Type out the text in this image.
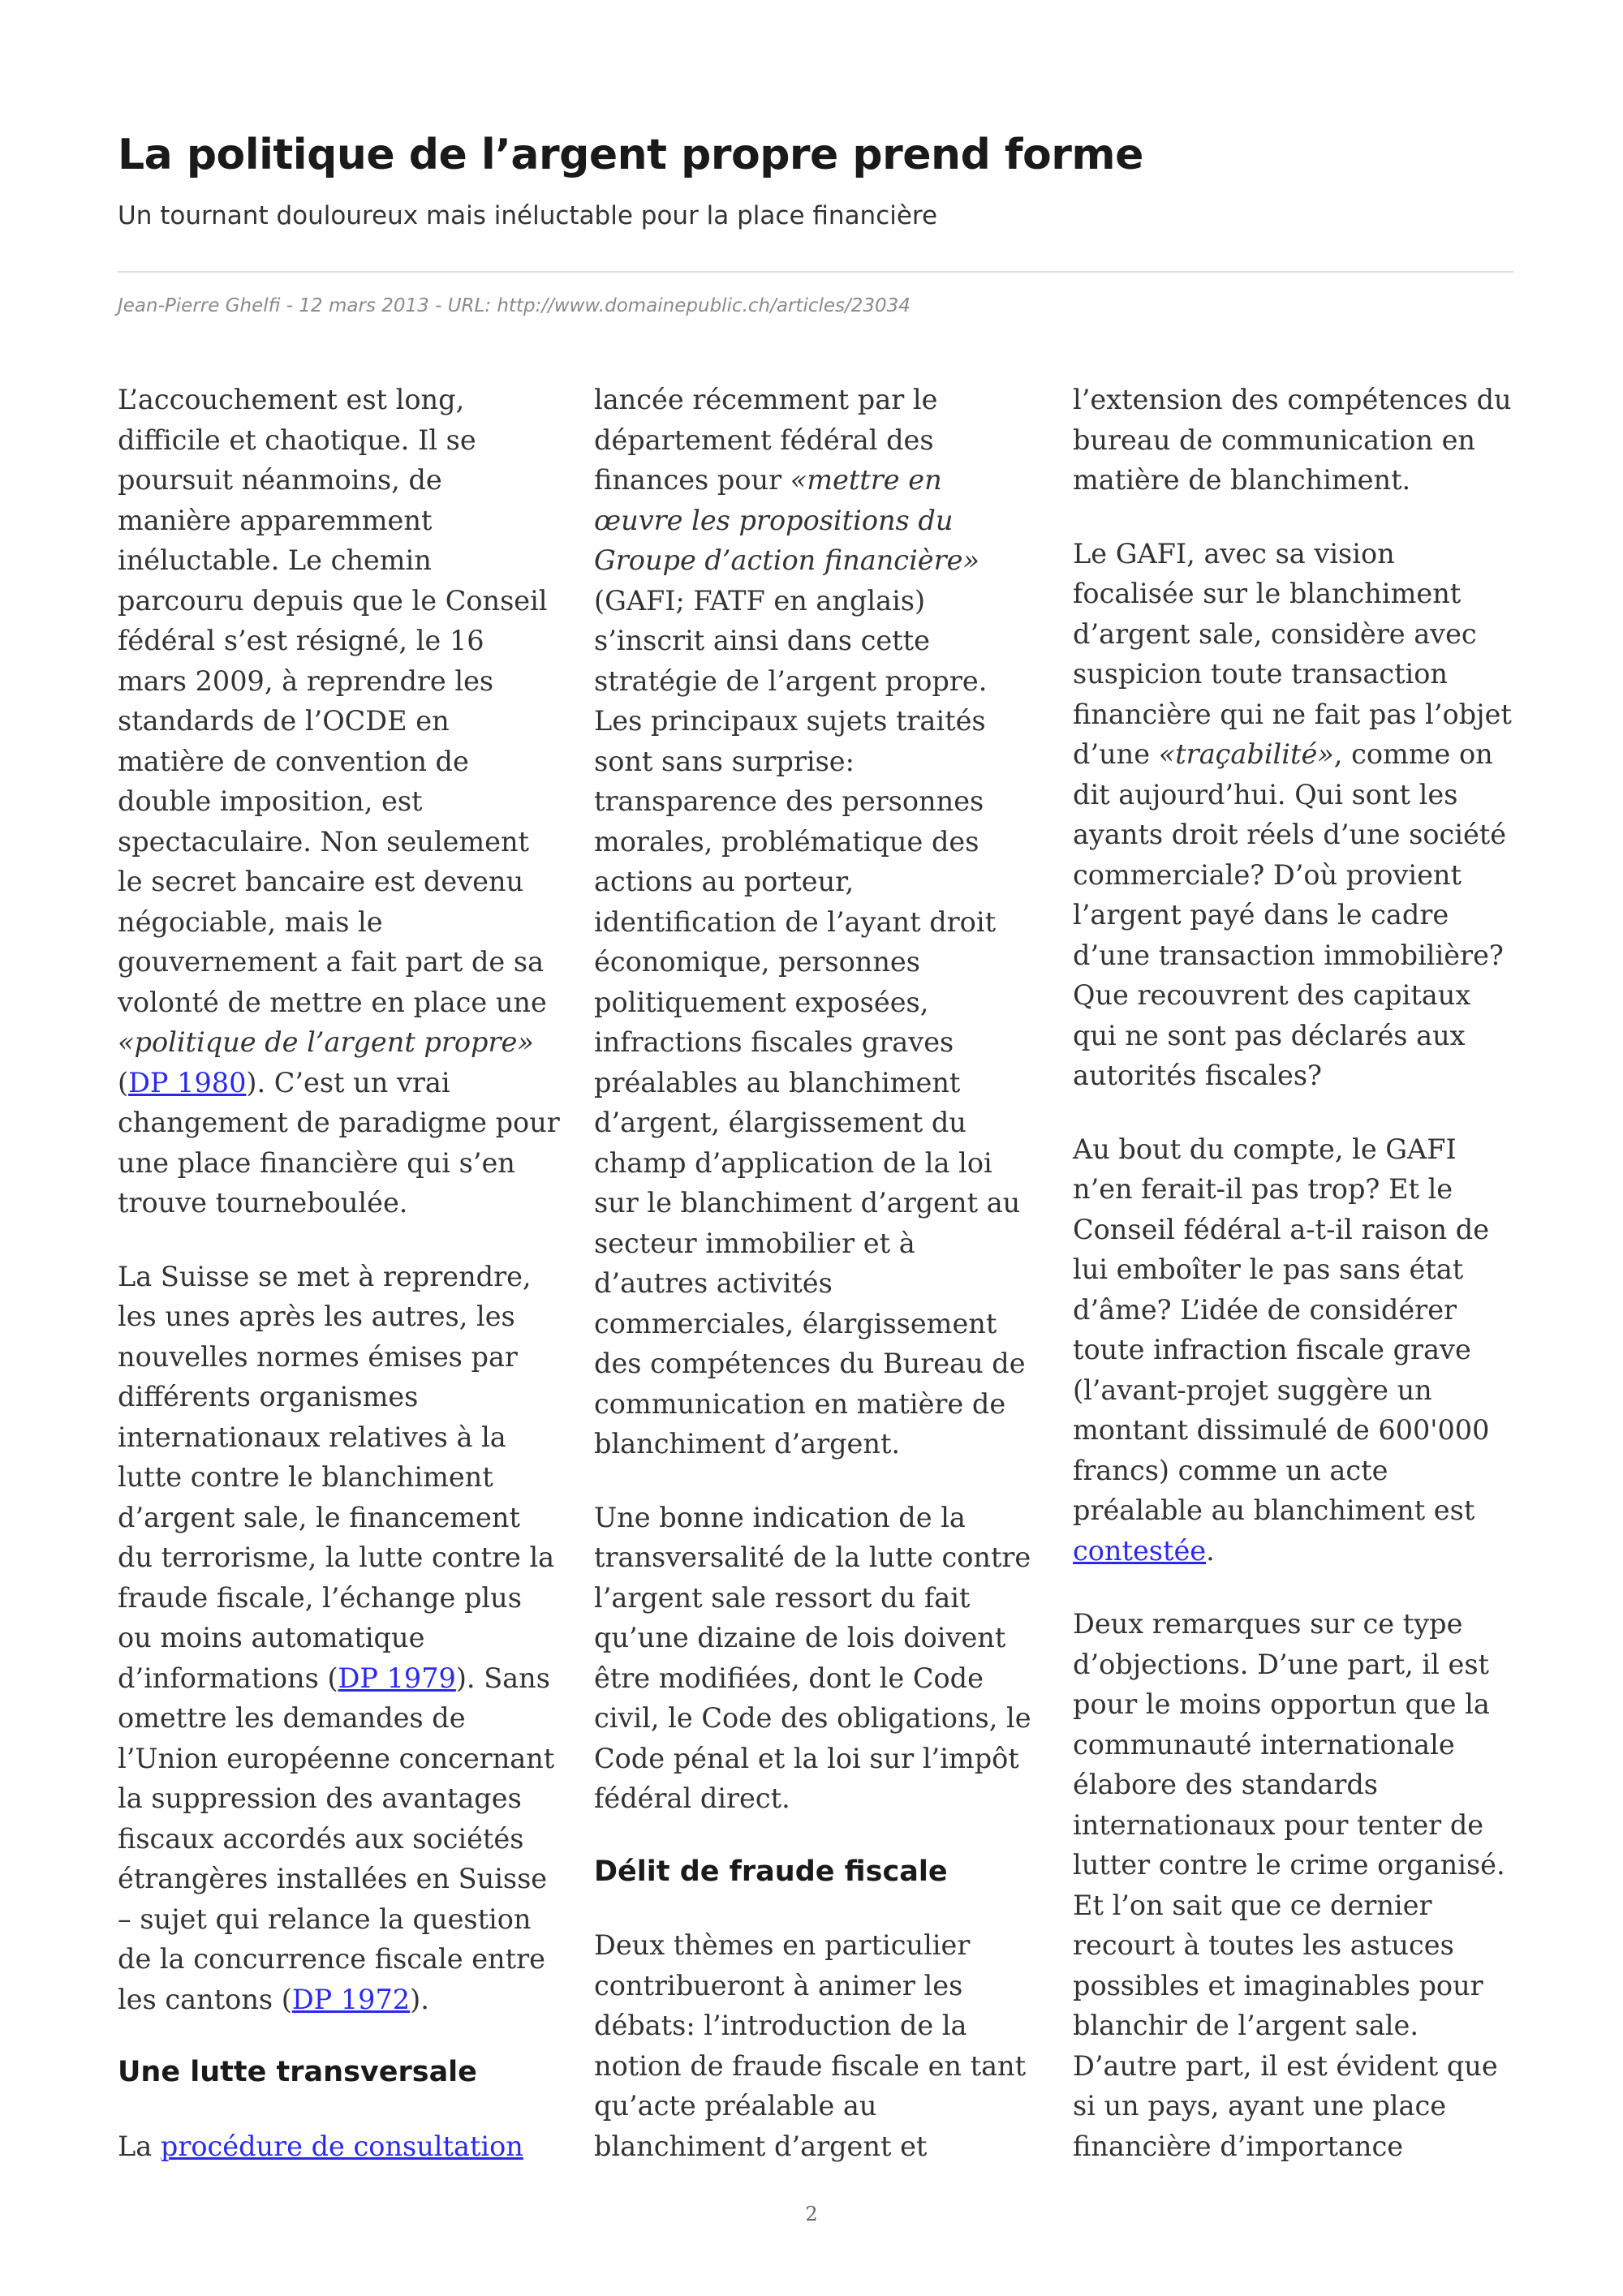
La politique de l’argent propre prend forme

Un tournant douloureux mais inéluctable pour la place financière

Jean-Pierre Ghelfi - 12 mars 2013 - URL: http://www.domainepublic.ch/articles/23034

L’accouchement est long, difficile et chaotique. Il se poursuit néanmoins, de manière apparemment inéluctable. Le chemin parcouru depuis que le Conseil fédéral s’est résigné, le 16 mars 2009, à reprendre les standards de l’OCDE en matière de convention de double imposition, est spectaculaire. Non seulement le secret bancaire est devenu négociable, mais le gouvernement a fait part de sa volonté de mettre en place une «politique de l’argent propre» (DP 1980). C’est un vrai changement de paradigme pour une place financière qui s’en trouve tourneboulée.

La Suisse se met à reprendre, les unes après les autres, les nouvelles normes émises par différents organismes internationaux relatives à la lutte contre le blanchiment d’argent sale, le financement du terrorisme, la lutte contre la fraude fiscale, l’échange plus ou moins automatique d’informations (DP 1979). Sans omettre les demandes de l’Union européenne concernant la suppression des avantages fiscaux accordés aux sociétés étrangères installées en Suisse – sujet qui relance la question de la concurrence fiscale entre les cantons (DP 1972).

Une lutte transversale

La procédure de consultation

lancée récemment par le département fédéral des finances pour «mettre en œuvre les propositions du Groupe d’action financière» (GAFI; FATF en anglais) s’inscrit ainsi dans cette stratégie de l’argent propre. Les principaux sujets traités sont sans surprise: transparence des personnes morales, problématique des actions au porteur, identification de l’ayant droit économique, personnes politiquement exposées, infractions fiscales graves préalables au blanchiment d’argent, élargissement du champ d’application de la loi sur le blanchiment d’argent au secteur immobilier et à d’autres activités commerciales, élargissement des compétences du Bureau de communication en matière de blanchiment d’argent.

Une bonne indication de la transversalité de la lutte contre l’argent sale ressort du fait qu’une dizaine de lois doivent être modifiées, dont le Code civil, le Code des obligations, le Code pénal et la loi sur l’impôt fédéral direct.

Délit de fraude fiscale

Deux thèmes en particulier contribueront à animer les débats: l’introduction de la notion de fraude fiscale en tant qu’acte préalable au blanchiment d’argent et

l’extension des compétences du bureau de communication en matière de blanchiment.

Le GAFI, avec sa vision focalisée sur le blanchiment d’argent sale, considère avec suspicion toute transaction financière qui ne fait pas l’objet d’une «traçabilité», comme on dit aujourd’hui. Qui sont les ayants droit réels d’une société commerciale? D’où provient l’argent payé dans le cadre d’une transaction immobilière? Que recouvrent des capitaux qui ne sont pas déclarés aux autorités fiscales?

Au bout du compte, le GAFI n’en ferait-il pas trop? Et le Conseil fédéral a-t-il raison de lui emboîter le pas sans état d’âme? L’idée de considérer toute infraction fiscale grave (l’avant-projet suggère un montant dissimulé de 600'000 francs) comme un acte préalable au blanchiment est contestée.

Deux remarques sur ce type d’objections. D’une part, il est pour le moins opportun que la communauté internationale élabore des standards internationaux pour tenter de lutter contre le crime organisé. Et l’on sait que ce dernier recourt à toutes les astuces possibles et imaginables pour blanchir de l’argent sale. D’autre part, il est évident que si un pays, ayant une place financière d’importance

2
